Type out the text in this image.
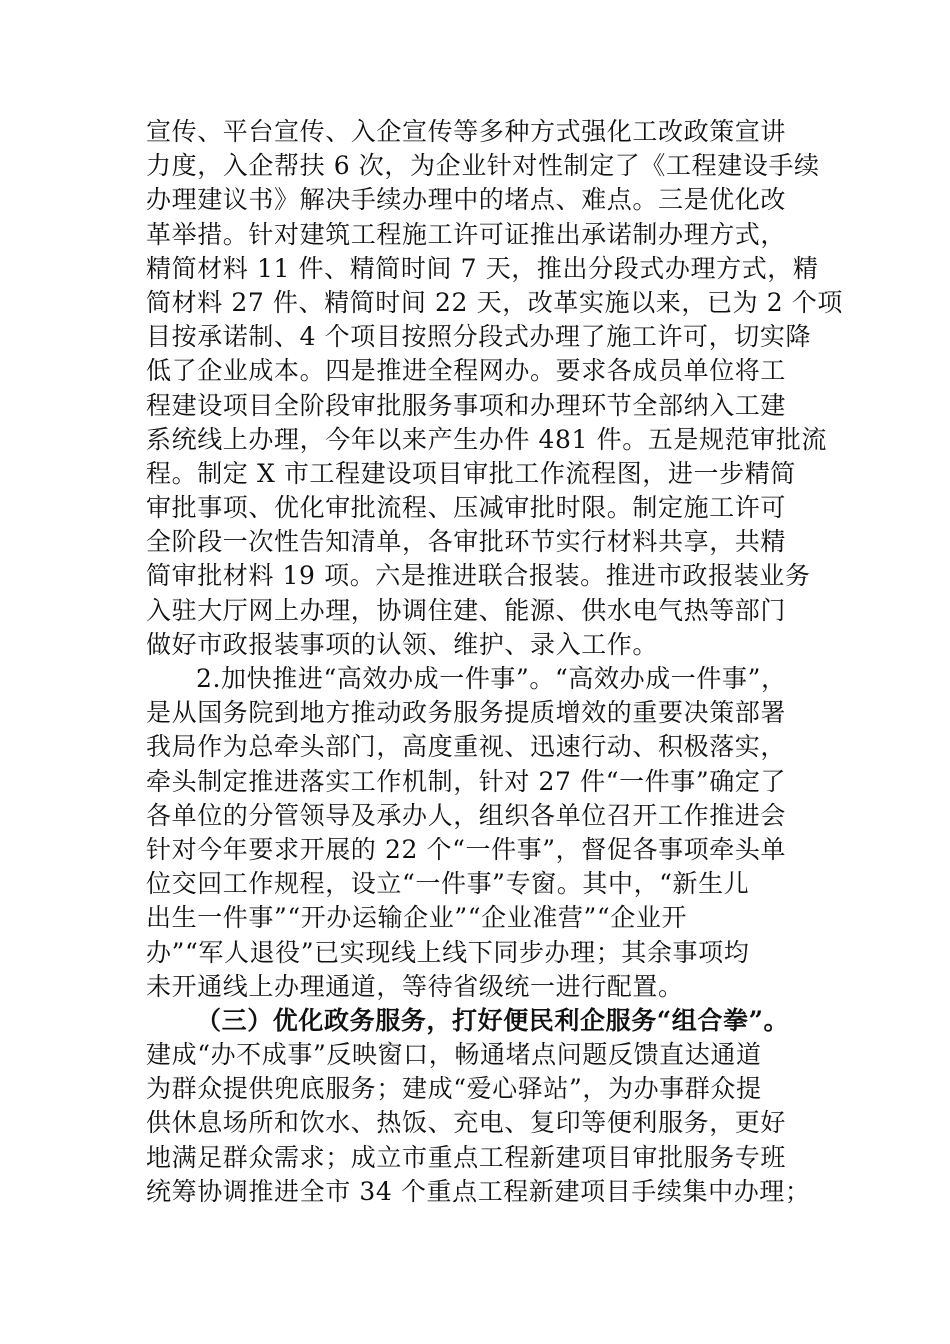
宣传、平台宣传、入企宣传等多种方式强化工改政策宣讲
力度，入企帮扶 6 次，为企业针对性制定了《工程建设手续
办理建议书》解决手续办理中的堵点、难点。三是优化改
革举措。针对建筑工程施工许可证推出承诺制办理方式，
精简材料 11 件、精简时间 7 天，推出分段式办理方式，精
简材料 27 件、精简时间 22 天，改革实施以来，已为 2 个项
目按承诺制、4 个项目按照分段式办理了施工许可，切实降
低了企业成本。四是推进全程网办。要求各成员单位将工
程建设项目全阶段审批服务事项和办理环节全部纳入工建
系统线上办理，今年以来产生办件 481 件。五是规范审批流
程。制定 X 市工程建设项目审批工作流程图，进一步精简
审批事项、优化审批流程、压减审批时限。制定施工许可
全阶段一次性告知清单，各审批环节实行材料共享，共精
简审批材料 19 项。六是推进联合报装。推进市政报装业务
入驻大厅网上办理，协调住建、能源、供水电气热等部门
做好市政报装事项的认领、维护、录入工作。
2.加快推进“高效办成一件事”。“高效办成一件事”，
是从国务院到地方推动政务服务提质增效的重要决策部署
我局作为总牵头部门，高度重视、迅速行动、积极落实，
牵头制定推进落实工作机制，针对 27 件“一件事”确定了
各单位的分管领导及承办人，组织各单位召开工作推进会
针对今年要求开展的 22 个“一件事”，督促各事项牵头单
位交回工作规程，设立“一件事”专窗。其中，“新生儿
出生一件事”“开办运输企业”“企业准营”“企业开
办”“军人退役”已实现线上线下同步办理；其余事项均
未开通线上办理通道，等待省级统一进行配置。
（三）优化政务服务，打好便民利企服务“组合拳”。
建成“办不成事”反映窗口，畅通堵点问题反馈直达通道
为群众提供兜底服务；建成“爱心驿站”，为办事群众提
供休息场所和饮水、热饭、充电、复印等便利服务，更好
地满足群众需求；成立市重点工程新建项目审批服务专班
统筹协调推进全市 34 个重点工程新建项目手续集中办理；
